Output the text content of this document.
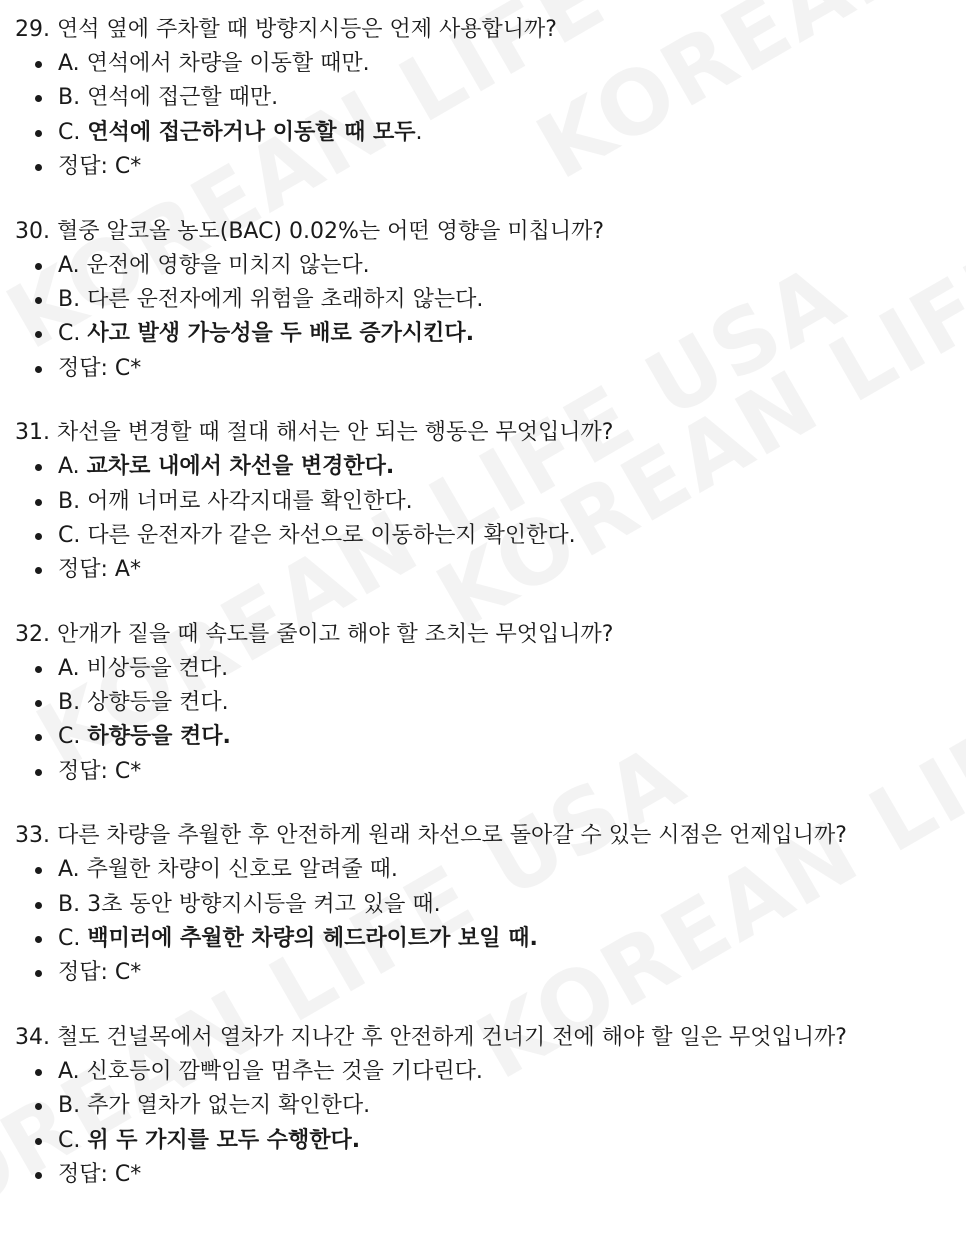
29. 연석 옆에 주차할 때 방향지시등은 언제 사용합니까?
A. 연석에서 차량을 이동할 때만.
B. 연석에 접근할 때만.
C. 연석에 접근하거나 이동할 때 모두.
정답: C*
30. 혈중 알코올 농도(BAC) 0.02%는 어떤 영향을 미칩니까?
A. 운전에 영향을 미치지 않는다.
B. 다른 운전자에게 위험을 초래하지 않는다.
C. 사고 발생 가능성을 두 배로 증가시킨다.
정답: C*
31. 차선을 변경할 때 절대 해서는 안 되는 행동은 무엇입니까?
A. 교차로 내에서 차선을 변경한다.
B. 어깨 너머로 사각지대를 확인한다.
C. 다른 운전자가 같은 차선으로 이동하는지 확인한다.
정답: A*
32. 안개가 짙을 때 속도를 줄이고 해야 할 조치는 무엇입니까?
A. 비상등을 켠다.
B. 상향등을 켠다.
C. 하향등을 켠다.
정답: C*
33. 다른 차량을 추월한 후 안전하게 원래 차선으로 돌아갈 수 있는 시점은 언제입니까?
A. 추월한 차량이 신호로 알려줄 때.
B. 3초 동안 방향지시등을 켜고 있을 때.
C. 백미러에 추월한 차량의 헤드라이트가 보일 때.
정답: C*
34. 철도 건널목에서 열차가 지나간 후 안전하게 건너기 전에 해야 할 일은 무엇입니까?
A. 신호등이 깜빡임을 멈추는 것을 기다린다.
B. 추가 열차가 없는지 확인한다.
C. 위 두 가지를 모두 수행한다.
정답: C*
